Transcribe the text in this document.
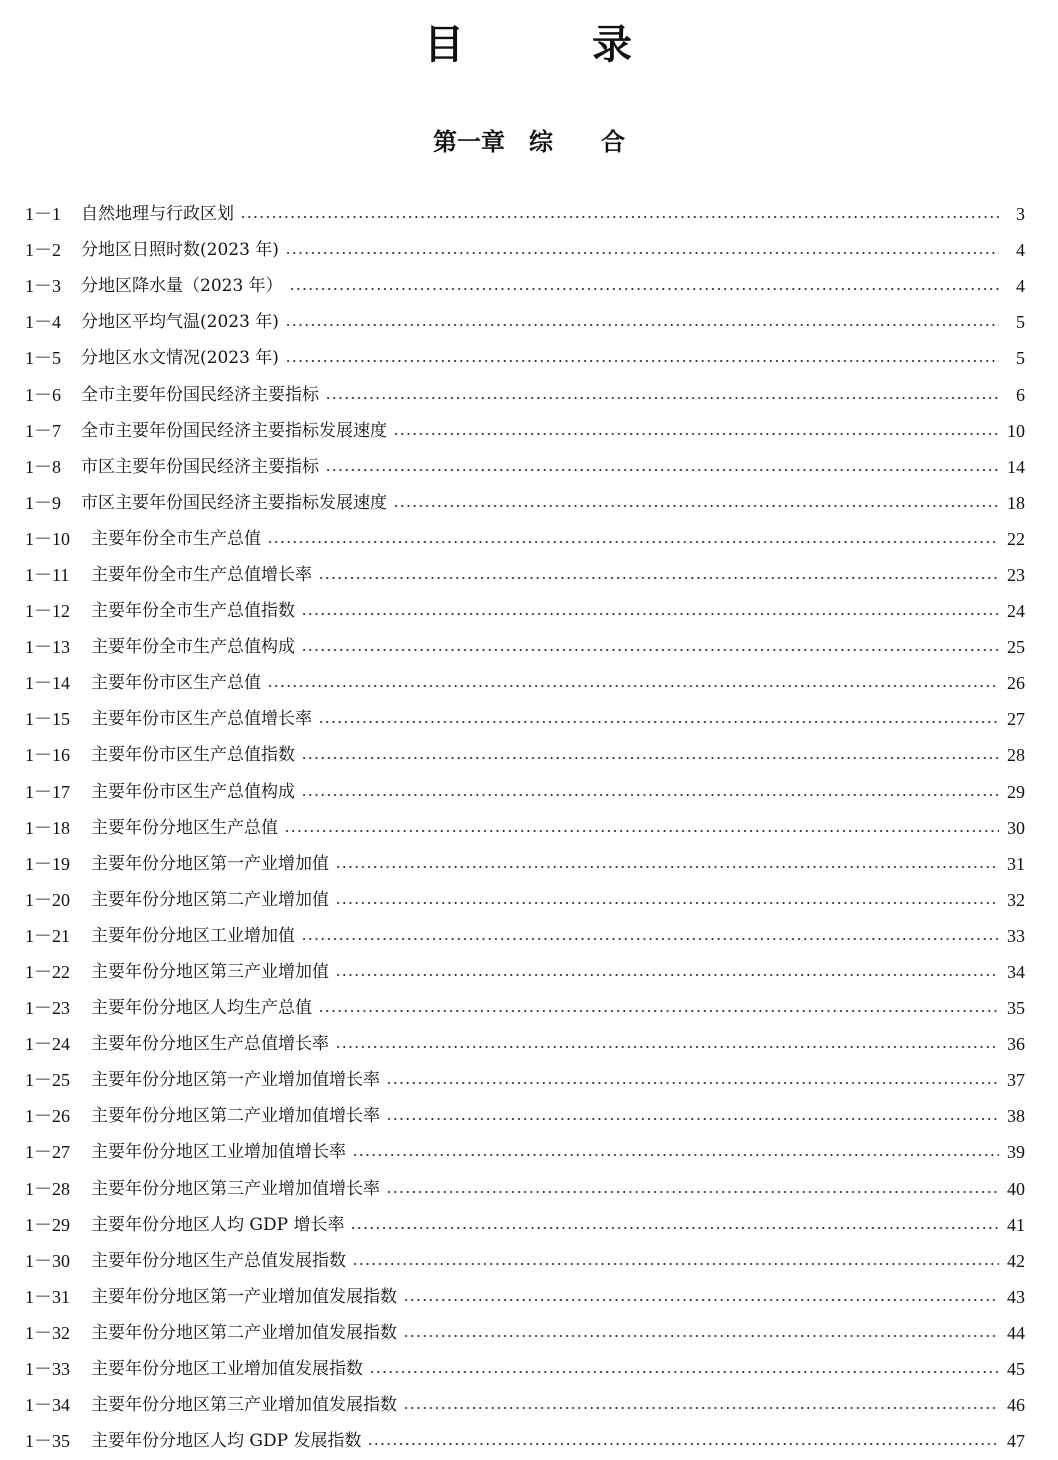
目　　　录
第一章　综　　合
1－1	自然地理与行政区划	3
1－2	分地区日照时数(2023 年)	4
1－3	分地区降水量（2023 年）	4
1－4	分地区平均气温(2023 年)	5
1－5	分地区水文情况(2023 年)	5
1－6	全市主要年份国民经济主要指标	6
1－7	全市主要年份国民经济主要指标发展速度	10
1－8	市区主要年份国民经济主要指标	14
1－9	市区主要年份国民经济主要指标发展速度	18
1－10	主要年份全市生产总值	22
1－11	主要年份全市生产总值增长率	23
1－12	主要年份全市生产总值指数	24
1－13	主要年份全市生产总值构成	25
1－14	主要年份市区生产总值	26
1－15	主要年份市区生产总值增长率	27
1－16	主要年份市区生产总值指数	28
1－17	主要年份市区生产总值构成	29
1－18	主要年份分地区生产总值	30
1－19	主要年份分地区第一产业增加值	31
1－20	主要年份分地区第二产业增加值	32
1－21	主要年份分地区工业增加值	33
1－22	主要年份分地区第三产业增加值	34
1－23	主要年份分地区人均生产总值	35
1－24	主要年份分地区生产总值增长率	36
1－25	主要年份分地区第一产业增加值增长率	37
1－26	主要年份分地区第二产业增加值增长率	38
1－27	主要年份分地区工业增加值增长率	39
1－28	主要年份分地区第三产业增加值增长率	40
1－29	主要年份分地区人均 GDP 增长率	41
1－30	主要年份分地区生产总值发展指数	42
1－31	主要年份分地区第一产业增加值发展指数	43
1－32	主要年份分地区第二产业增加值发展指数	44
1－33	主要年份分地区工业增加值发展指数	45
1－34	主要年份分地区第三产业增加值发展指数	46
1－35	主要年份分地区人均 GDP 发展指数	47
